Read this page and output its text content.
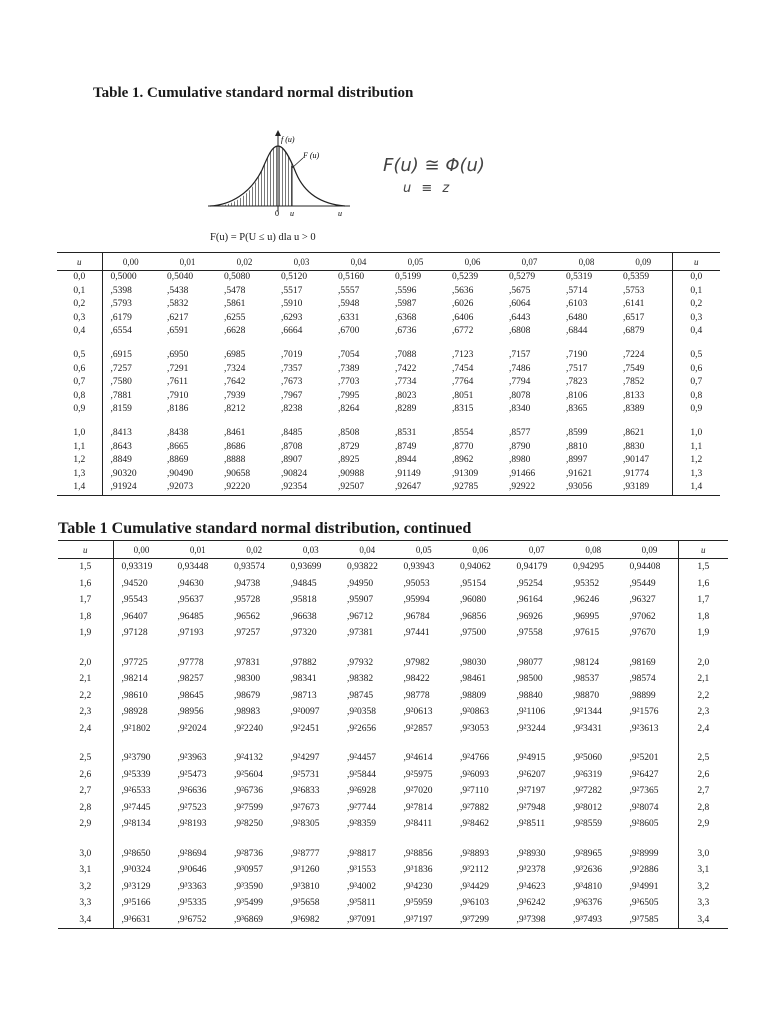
Table 1. Cumulative standard normal distribution
f (u)
F (u)
0 u	u
F(u) ≅ Φ(u)
u ≡ z
F(u) = P(U ≤ u) dla u > 0
u	0,00	0,01	0,02	0,03	0,04	0,05	0,06	0,07	0,08	0,09	u
0,0	0,5000	0,5040	0,5080	0,5120	0,5160	0,5199	0,5239	0,5279	0,5319	0,5359	0,0
0,1	,5398	,5438	,5478	,5517	,5557	,5596	,5636	,5675	,5714	,5753	0,1
0,2	,5793	,5832	,5861	,5910	,5948	,5987	,6026	,6064	,6103	,6141	0,2
0,3	,6179	,6217	,6255	,6293	,6331	,6368	,6406	,6443	,6480	,6517	0,3
0,4	,6554	,6591	,6628	,6664	,6700	,6736	,6772	,6808	,6844	,6879	0,4
0,5	,6915	,6950	,6985	,7019	,7054	,7088	,7123	,7157	,7190	,7224	0,5
0,6	,7257	,7291	,7324	,7357	,7389	,7422	,7454	,7486	,7517	,7549	0,6
0,7	,7580	,7611	,7642	,7673	,7703	,7734	,7764	,7794	,7823	,7852	0,7
0,8	,7881	,7910	,7939	,7967	,7995	,8023	,8051	,8078	,8106	,8133	0,8
0,9	,8159	,8186	,8212	,8238	,8264	,8289	,8315	,8340	,8365	,8389	0,9
1,0	,8413	,8438	,8461	,8485	,8508	,8531	,8554	,8577	,8599	,8621	1,0
1,1	,8643	,8665	,8686	,8708	,8729	,8749	,8770	,8790	,8810	,8830	1,1
1,2	,8849	,8869	,8888	,8907	,8925	,8944	,8962	,8980	,8997	,90147	1,2
1,3	,90320	,90490	,90658	,90824	,90988	,91149	,91309	,91466	,91621	,91774	1,3
1,4	,91924	,92073	,92220	,92354	,92507	,92647	,92785	,92922	,93056	,93189	1,4
Table 1 Cumulative standard normal distribution, continued
u	0,00	0,01	0,02	0,03	0,04	0,05	0,06	0,07	0,08	0,09	u
1,5	0,93319	0,93448	0,93574	0,93699	0,93822	0,93943	0,94062	0,94179	0,94295	0,94408	1,5
1,6	,94520	,94630	,94738	,94845	,94950	,95053	,95154	,95254	,95352	,95449	1,6
1,7	,95543	,95637	,95728	,95818	,95907	,95994	,96080	,96164	,96246	,96327	1,7
1,8	,96407	,96485	,96562	,96638	,96712	,96784	,96856	,96926	,96995	,97062	1,8
1,9	,97128	,97193	,97257	,97320	,97381	,97441	,97500	,97558	,97615	,97670	1,9
2,0	,97725	,97778	,97831	,97882	,97932	,97982	,98030	,98077	,98124	,98169	2,0
2,1	,98214	,98257	,98300	,98341	,98382	,98422	,98461	,98500	,98537	,98574	2,1
2,2	,98610	,98645	,98679	,98713	,98745	,98778	,98809	,98840	,98870	,98899	2,2
2,3	,98928	,98956	,98983	,9²0097	,9²0358	,9²0613	,9²0863	,9²1106	,9²1344	,9²1576	2,3
2,4	,9²1802	,9²2024	,9²2240	,9²2451	,9²2656	,9²2857	,9²3053	,9²3244	,9²3431	,9²3613	2,4
2,5	,9²3790	,9²3963	,9²4132	,9²4297	,9²4457	,9²4614	,9²4766	,9²4915	,9²5060	,9²5201	2,5
2,6	,9²5339	,9²5473	,9²5604	,9²5731	,9²5844	,9²5975	,9²6093	,9²6207	,9²6319	,9²6427	2,6
2,7	,9²6533	,9²6636	,9²6736	,9²6833	,9²6928	,9²7020	,9²7110	,9²7197	,9²7282	,9²7365	2,7
2,8	,9²7445	,9²7523	,9²7599	,9²7673	,9²7744	,9²7814	,9²7882	,9²7948	,9²8012	,9²8074	2,8
2,9	,9²8134	,9²8193	,9²8250	,9²8305	,9²8359	,9²8411	,9²8462	,9²8511	,9²8559	,9²8605	2,9
3,0	,9²8650	,9²8694	,9²8736	,9²8777	,9²8817	,9²8856	,9²8893	,9²8930	,9²8965	,9²8999	3,0
3,1	,9³0324	,9³0646	,9³0957	,9³1260	,9³1553	,9³1836	,9³2112	,9³2378	,9³2636	,9³2886	3,1
3,2	,9³3129	,9³3363	,9³3590	,9³3810	,9³4002	,9³4230	,9³4429	,9³4623	,9³4810	,9³4991	3,2
3,3	,9³5166	,9³5335	,9³5499	,9³5658	,9³5811	,9³5959	,9³6103	,9³6242	,9³6376	,9³6505	3,3
3,4	,9³6631	,9³6752	,9³6869	,9³6982	,9³7091	,9³7197	,9³7299	,9³7398	,9³7493	,9³7585	3,4
